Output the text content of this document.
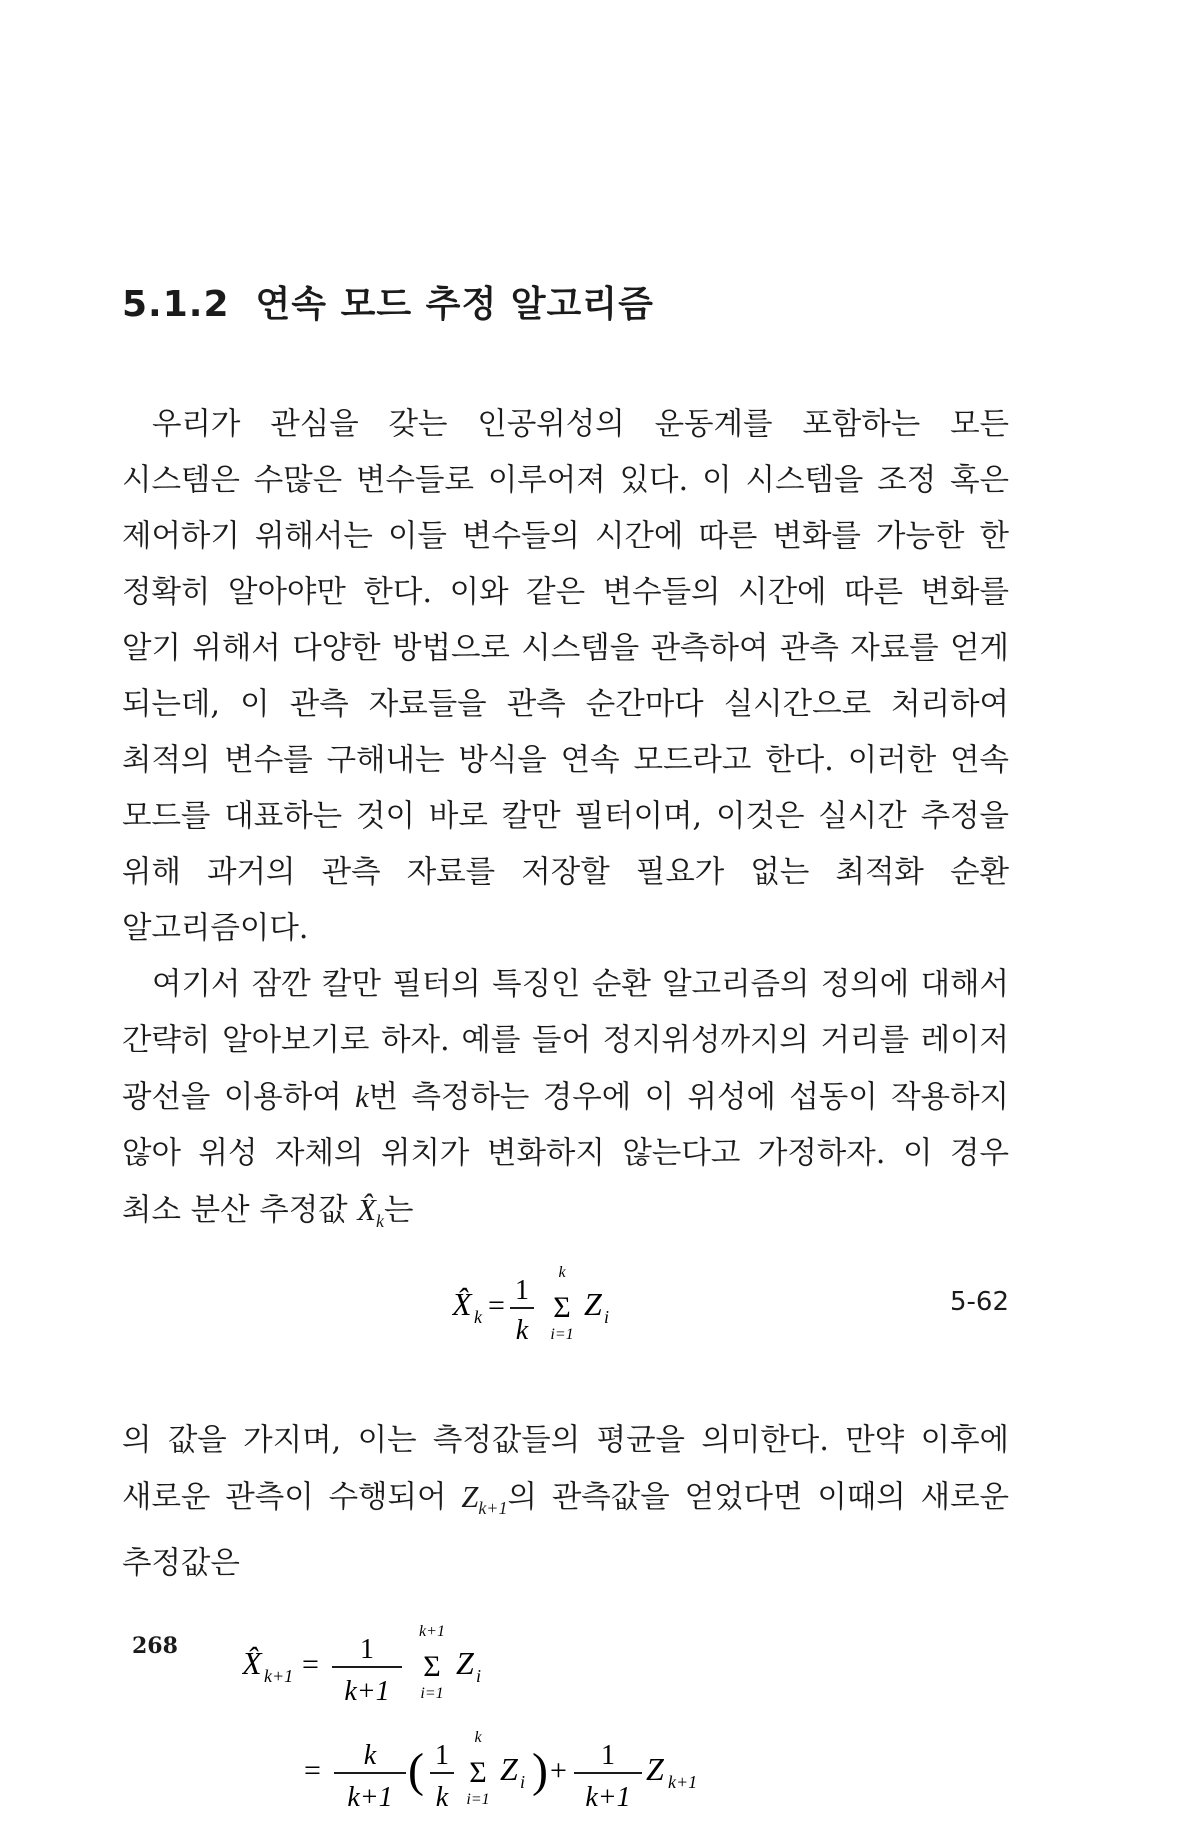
5.1.2 연속 모드 추정 알고리즘

우리가 관심을 갖는 인공위성의 운동계를 포함하는 모든 시스템은 수많은 변수들로 이루어져 있다. 이 시스템을 조정 혹은 제어하기 위해서는 이들 변수들의 시간에 따른 변화를 가능한 한 정확히 알아야만 한다. 이와 같은 변수들의 시간에 따른 변화를 알기 위해서 다양한 방법으로 시스템을 관측하여 관측 자료를 얻게 되는데, 이 관측 자료들을 관측 순간마다 실시간으로 처리하여 최적의 변수를 구해내는 방식을 연속 모드라고 한다. 이러한 연속 모드를 대표하는 것이 바로 칼만 필터이며, 이것은 실시간 추정을 위해 과거의 관측 자료를 저장할 필요가 없는 최적화 순환 알고리즘이다.

여기서 잠깐 칼만 필터의 특징인 순환 알고리즘의 정의에 대해서 간략히 알아보기로 하자. 예를 들어 정지위성까지의 거리를 레이저 광선을 이용하여 k번 측정하는 경우에 이 위성에 섭동이 작용하지 않아 위성 자체의 위치가 변화하지 않는다고 가정하자. 이 경우 최소 분산 추정값 $X̂_k$는

X̂ k = 1
k
k
Σ
i=1
Z i	5-62

의 값을 가지며, 이는 측정값들의 평균을 의미한다. 만약 이후에 새로운 관측이 수행되어 $Z_{k+1}$의 관측값을 얻었다면 이때의 새로운 추정값은

X̂ k+1 = 1
k+1
k+1
Σ
i=1
Z i
= k
k+1
( 1
k
k
Σ
i=1
Z i ) + 1
k+1
Z k+1
268
